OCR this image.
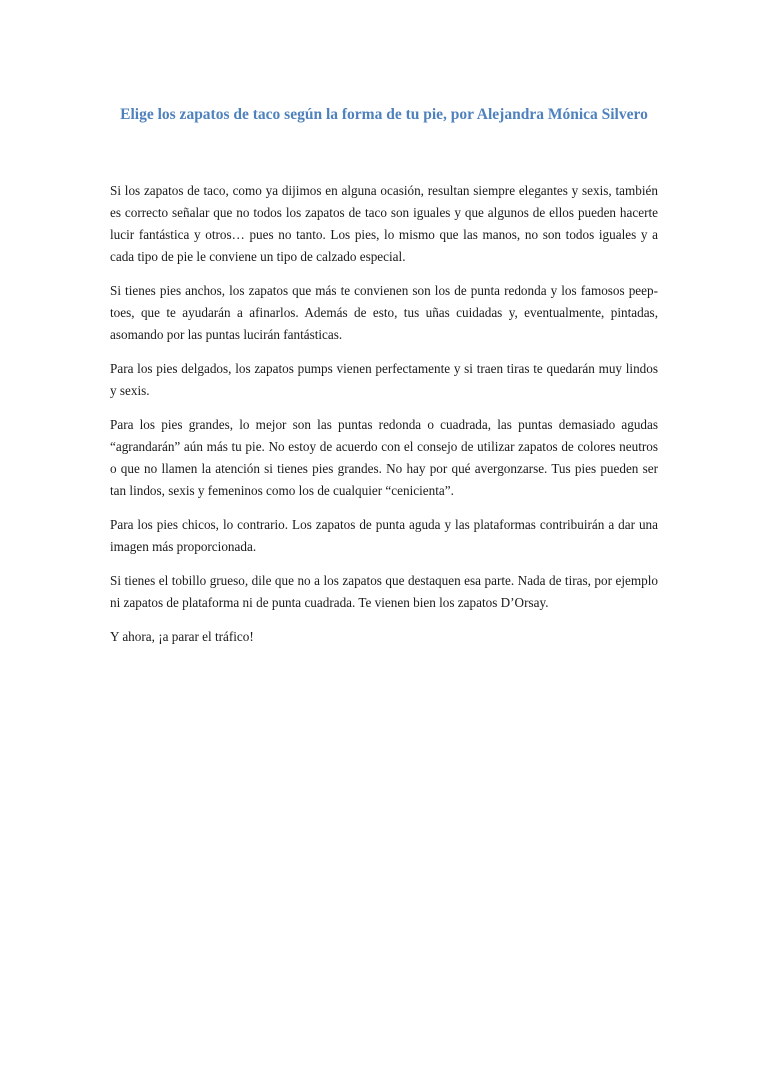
Elige los zapatos de taco según la forma de tu pie, por Alejandra Mónica Silvero

Si los zapatos de taco, como ya dijimos en alguna ocasión, resultan siempre elegantes y sexis, también es correcto señalar que no todos los zapatos de taco son iguales y que algunos de ellos pueden hacerte lucir fantástica y otros… pues no tanto. Los pies, lo mismo que las manos, no son todos iguales y a cada tipo de pie le conviene un tipo de calzado especial.

Si tienes pies anchos, los zapatos que más te convienen son los de punta redonda y los famosos peep-toes, que te ayudarán a afinarlos. Además de esto, tus uñas cuidadas y, eventualmente, pintadas, asomando por las puntas lucirán fantásticas.

Para los pies delgados, los zapatos pumps vienen perfectamente y si traen tiras te quedarán muy lindos y sexis.

Para los pies grandes, lo mejor son las puntas redonda o cuadrada, las puntas demasiado agudas “agrandarán” aún más tu pie. No estoy de acuerdo con el consejo de utilizar zapatos de colores neutros o que no llamen la atención si tienes pies grandes. No hay por qué avergonzarse. Tus pies pueden ser tan lindos, sexis y femeninos como los de cualquier “cenicienta”.

Para los pies chicos, lo contrario. Los zapatos de punta aguda y las plataformas contribuirán a dar una imagen más proporcionada.

Si tienes el tobillo grueso, dile que no a los zapatos que destaquen esa parte. Nada de tiras, por ejemplo ni zapatos de plataforma ni de punta cuadrada. Te vienen bien los zapatos D’Orsay.

Y ahora, ¡a parar el tráfico!
